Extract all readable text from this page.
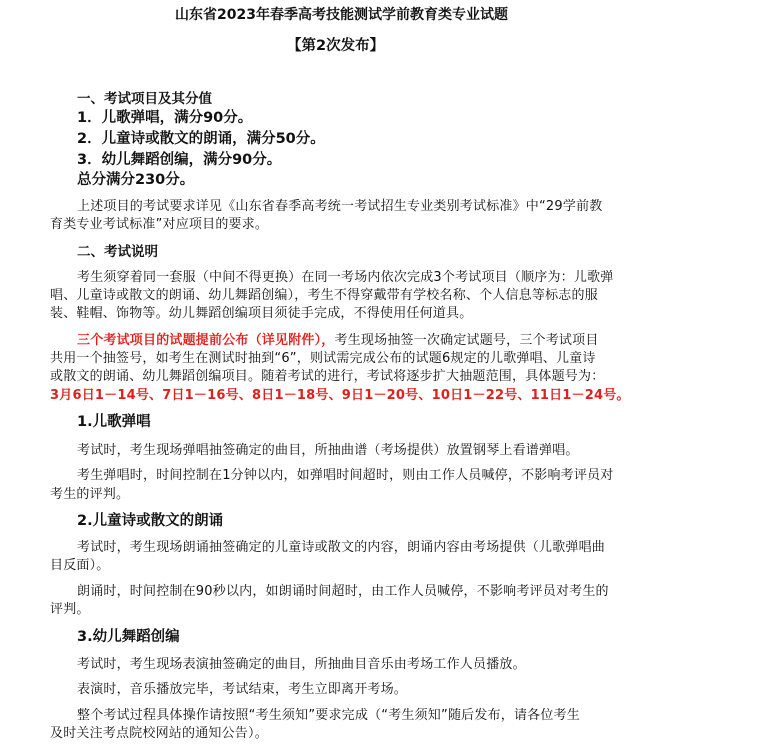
山东省2023年春季高考技能测试学前教育类专业试题
【第2次发布】
一、考试项目及其分值
1．儿歌弹唱，满分90分。
2．儿童诗或散文的朗诵，满分50分。
3．幼儿舞蹈创编，满分90分。
总分满分230分。
上述项目的考试要求详见《山东省春季高考统一考试招生专业类别考试标准》中“29学前教
育类专业考试标准”对应项目的要求。
二、考试说明
考生须穿着同一套服（中间不得更换）在同一考场内依次完成3个考试项目（顺序为：儿歌弹
唱、儿童诗或散文的朗诵、幼儿舞蹈创编），考生不得穿戴带有学校名称、个人信息等标志的服
装、鞋帽、饰物等。幼儿舞蹈创编项目须徒手完成，不得使用任何道具。
三个考试项目的试题提前公布（详见附件），考生现场抽签一次确定试题号，三个考试项目
共用一个抽签号，如考生在测试时抽到“6”，则试需完成公布的试题6规定的儿歌弹唱、儿童诗
或散文的朗诵、幼儿舞蹈创编项目。随着考试的进行，考试将逐步扩大抽题范围，具体题号为：
3月6日1－14号、7日1－16号、8日1－18号、9日1－20号、10日1－22号、11日1－24号。
1.儿歌弹唱
考试时，考生现场弹唱抽签确定的曲目，所抽曲谱（考场提供）放置钢琴上看谱弹唱。
考生弹唱时，时间控制在1分钟以内，如弹唱时间超时，则由工作人员喊停，不影响考评员对
考生的评判。
2.儿童诗或散文的朗诵
考试时，考生现场朗诵抽签确定的儿童诗或散文的内容，朗诵内容由考场提供（儿歌弹唱曲
目反面）。
朗诵时，时间控制在90秒以内，如朗诵时间超时，由工作人员喊停，不影响考评员对考生的
评判。
3.幼儿舞蹈创编
考试时，考生现场表演抽签确定的曲目，所抽曲目音乐由考场工作人员播放。
表演时，音乐播放完毕，考试结束，考生立即离开考场。
整个考试过程具体操作请按照“考生须知”要求完成（“考生须知”随后发布，请各位考生
及时关注考点院校网站的通知公告）。
